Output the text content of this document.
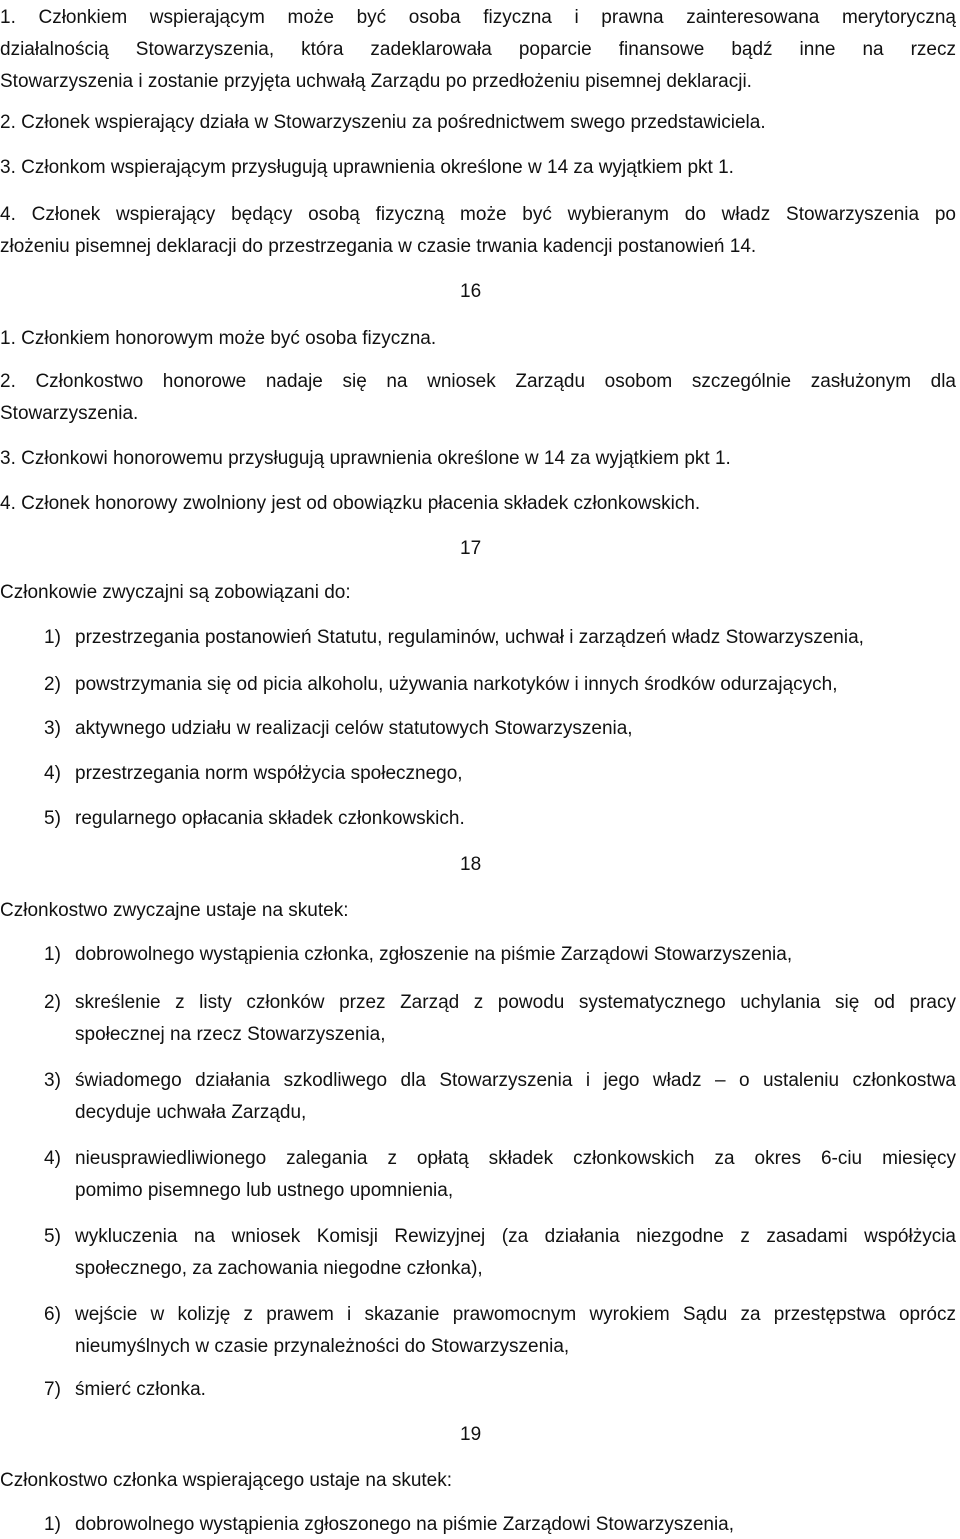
1. Członkiem wspierającym może być osoba fizyczna i prawna zainteresowana merytoryczną
działalnością Stowarzyszenia, która zadeklarowała poparcie finansowe bądź inne na rzecz
Stowarzyszenia i zostanie przyjęta uchwałą Zarządu po przedłożeniu pisemnej deklaracji.
2. Członek wspierający działa w Stowarzyszeniu za pośrednictwem swego przedstawiciela.
3. Członkom wspierającym przysługują uprawnienia określone w 14 za wyjątkiem pkt 1.
4. Członek wspierający będący osobą fizyczną może być wybieranym do władz Stowarzyszenia po
złożeniu pisemnej deklaracji do przestrzegania w czasie trwania kadencji postanowień 14.
16
1. Członkiem honorowym może być osoba fizyczna.
2. Członkostwo honorowe nadaje się na wniosek Zarządu osobom szczególnie zasłużonym dla
Stowarzyszenia.
3. Członkowi honorowemu przysługują uprawnienia określone w 14 za wyjątkiem pkt 1.
4. Członek honorowy zwolniony jest od obowiązku płacenia składek członkowskich.
17
Członkowie zwyczajni są zobowiązani do:
1) przestrzegania postanowień Statutu, regulaminów, uchwał i zarządzeń władz Stowarzyszenia,
2) powstrzymania się od picia alkoholu, używania narkotyków i innych środków odurzających,
3) aktywnego udziału w realizacji celów statutowych Stowarzyszenia,
4) przestrzegania norm współżycia społecznego,
5) regularnego opłacania składek członkowskich.
18
Członkostwo zwyczajne ustaje na skutek:
1) dobrowolnego wystąpienia członka, zgłoszenie na piśmie Zarządowi Stowarzyszenia,
2) skreślenie z listy członków przez Zarząd z powodu systematycznego uchylania się od pracy
społecznej na rzecz Stowarzyszenia,
3) świadomego działania szkodliwego dla Stowarzyszenia i jego władz – o ustaleniu członkostwa
decyduje uchwała Zarządu,
4) nieusprawiedliwionego zalegania z opłatą składek członkowskich za okres 6-ciu miesięcy
pomimo pisemnego lub ustnego upomnienia,
5) wykluczenia na wniosek Komisji Rewizyjnej (za działania niezgodne z zasadami współżycia
społecznego, za zachowania niegodne członka),
6) wejście w kolizję z prawem i skazanie prawomocnym wyrokiem Sądu za przestępstwa oprócz
nieumyślnych w czasie przynależności do Stowarzyszenia,
7) śmierć członka.
19
Członkostwo członka wspierającego ustaje na skutek:
1) dobrowolnego wystąpienia zgłoszonego na piśmie Zarządowi Stowarzyszenia,
